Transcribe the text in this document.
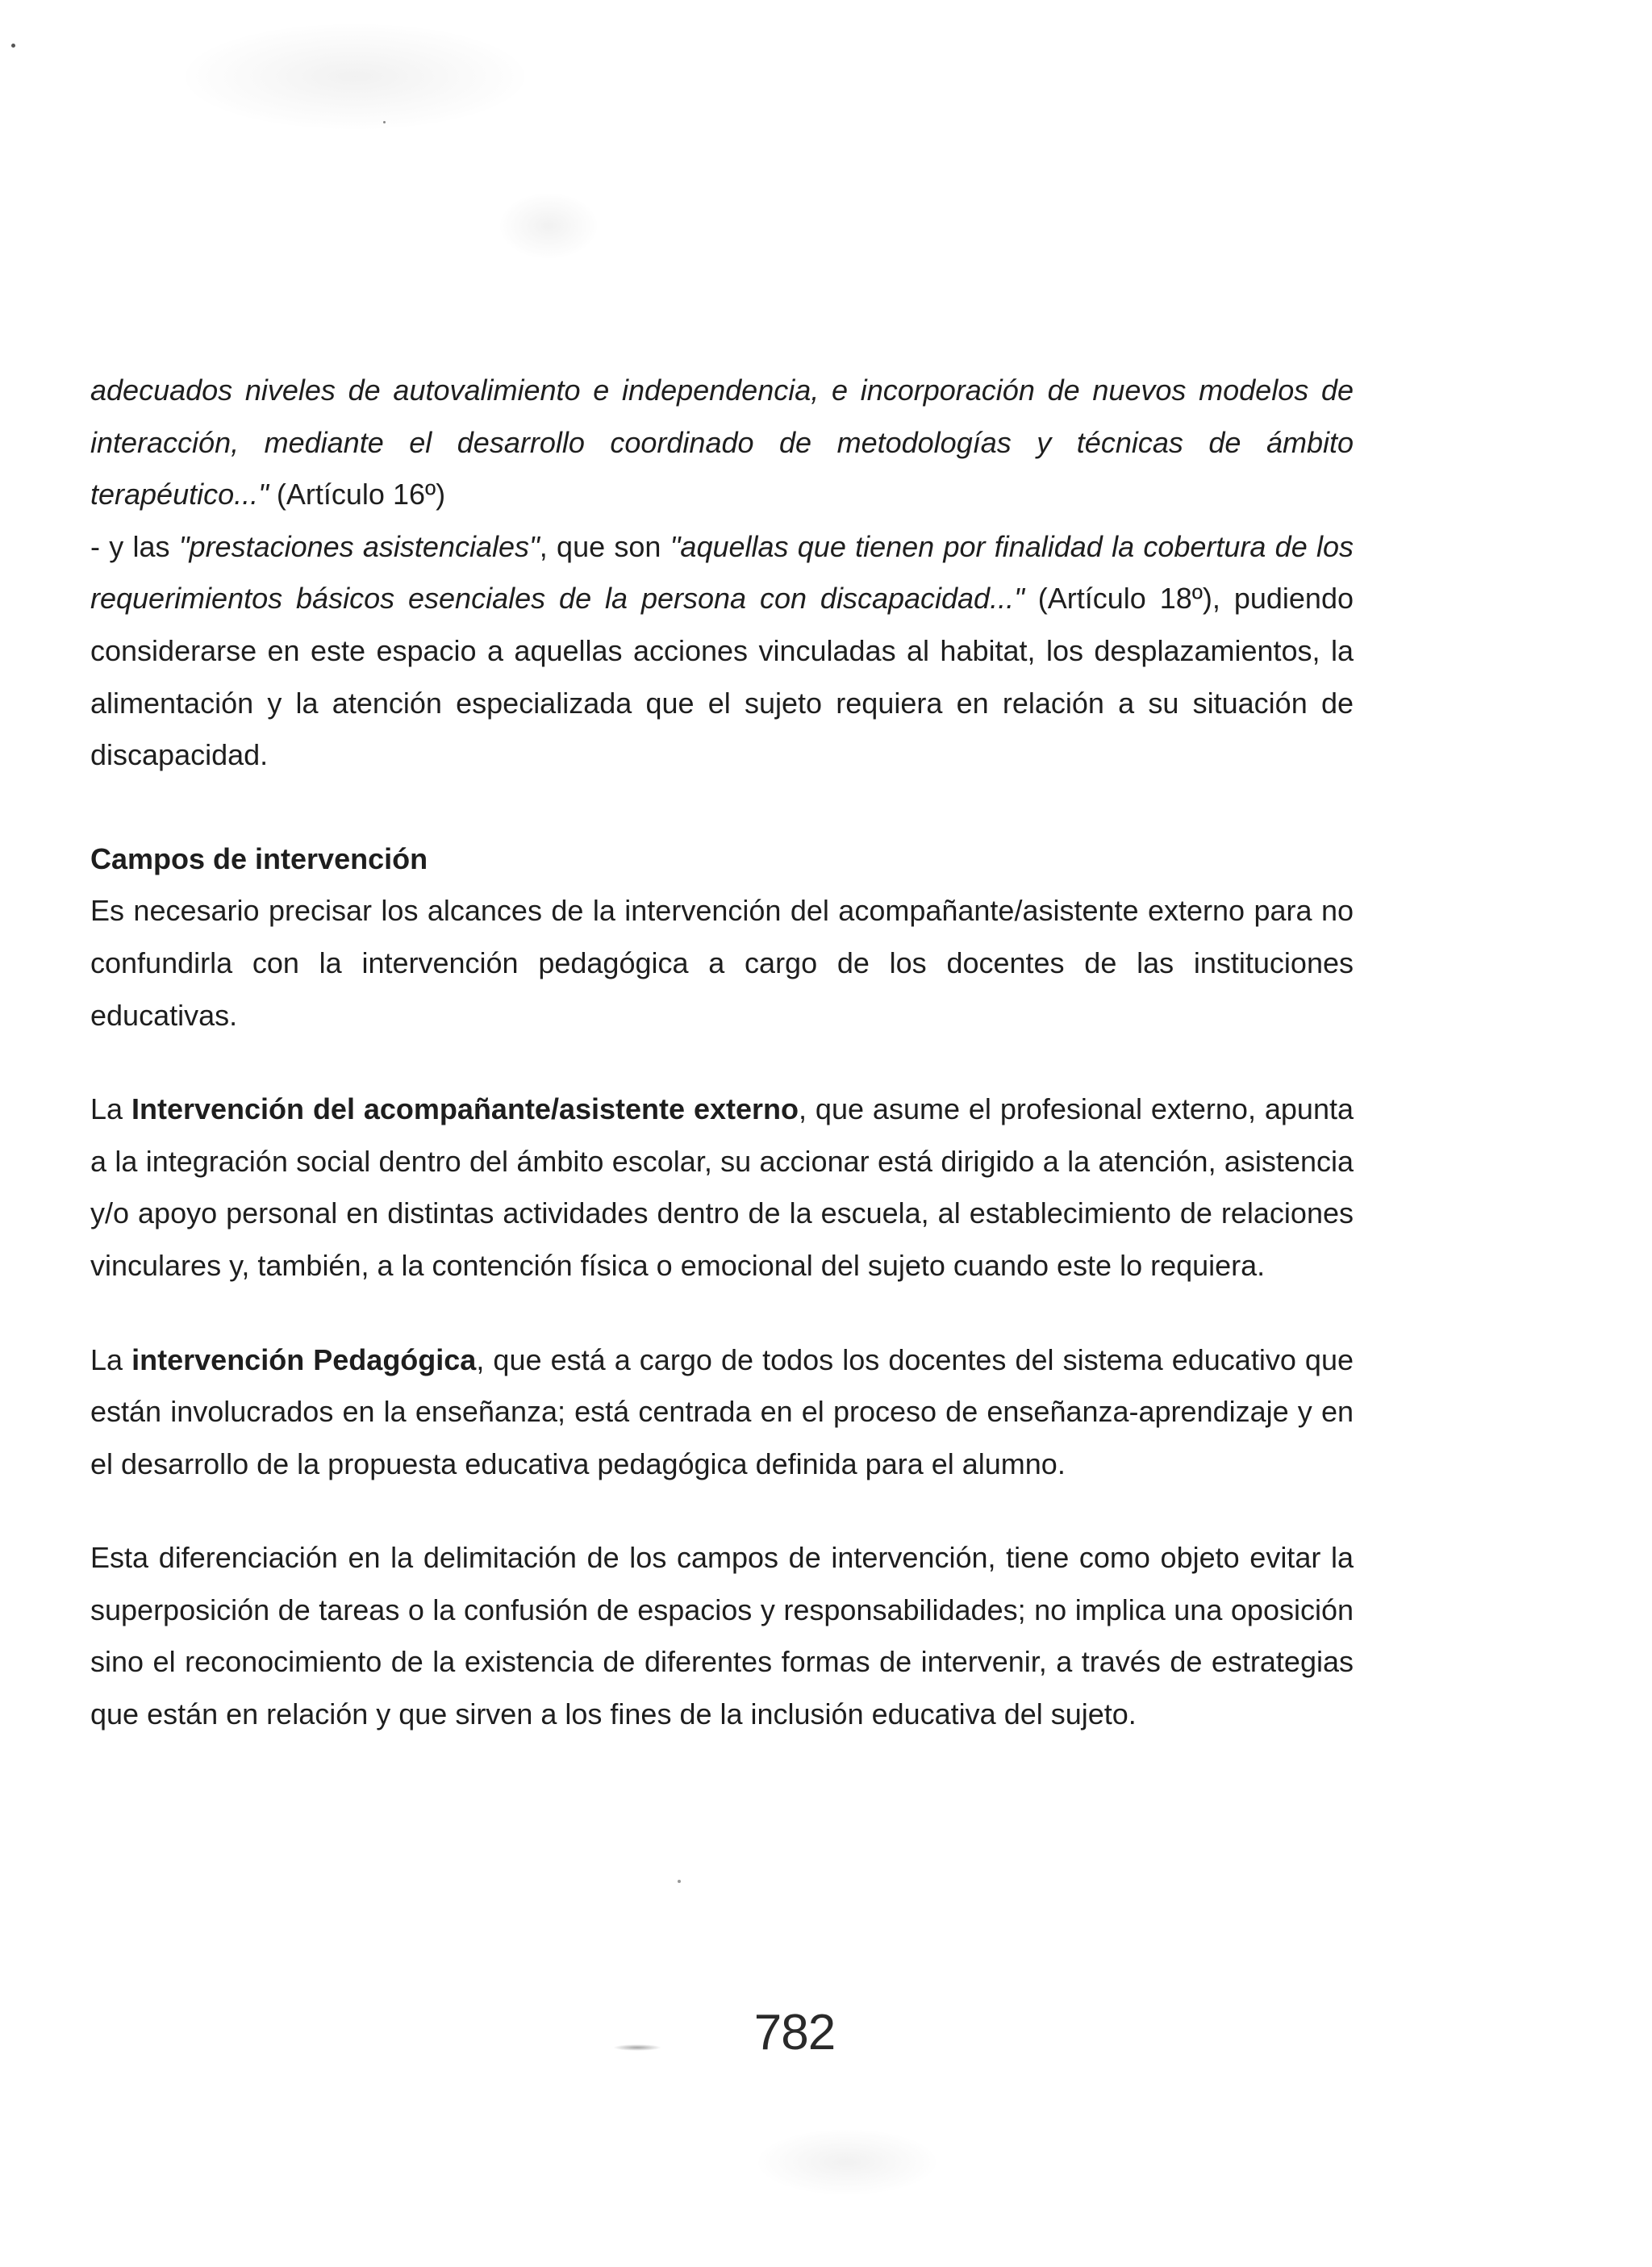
adecuados niveles de autovalimiento e independencia, e incorporación de nuevos modelos de interacción, mediante el desarrollo coordinado de metodologías y técnicas de ámbito terapéutico..." (Artículo 16º)

- y las "prestaciones asistenciales", que son "aquellas que tienen por finalidad la cobertura de los requerimientos básicos esenciales de la persona con discapacidad..." (Artículo 18º), pudiendo considerarse en este espacio a aquellas acciones vinculadas al habitat, los desplazamientos, la alimentación y la atención especializada que el sujeto requiera en relación a su situación de discapacidad.

Campos de intervención

Es necesario precisar los alcances de la intervención del acompañante/asistente externo para no confundirla con la intervención pedagógica a cargo de los docentes de las instituciones educativas.

La Intervención del acompañante/asistente externo, que asume el profesional externo, apunta a la integración social dentro del ámbito escolar, su accionar está dirigido a la atención, asistencia y/o apoyo personal en distintas actividades dentro de la escuela, al establecimiento de relaciones vinculares y, también, a la contención física o emocional del sujeto cuando este lo requiera.

La intervención Pedagógica, que está a cargo de todos los docentes del sistema educativo que están involucrados en la enseñanza; está centrada en el proceso de enseñanza-aprendizaje y en el desarrollo de la propuesta educativa pedagógica definida para el alumno.

Esta diferenciación en la delimitación de los campos de intervención, tiene como objeto evitar la superposición de tareas o la confusión de espacios y responsabilidades; no implica una oposición sino el reconocimiento de la existencia de diferentes formas de intervenir, a través de estrategias que están en relación y que sirven a los fines de la inclusión educativa del sujeto.

782
